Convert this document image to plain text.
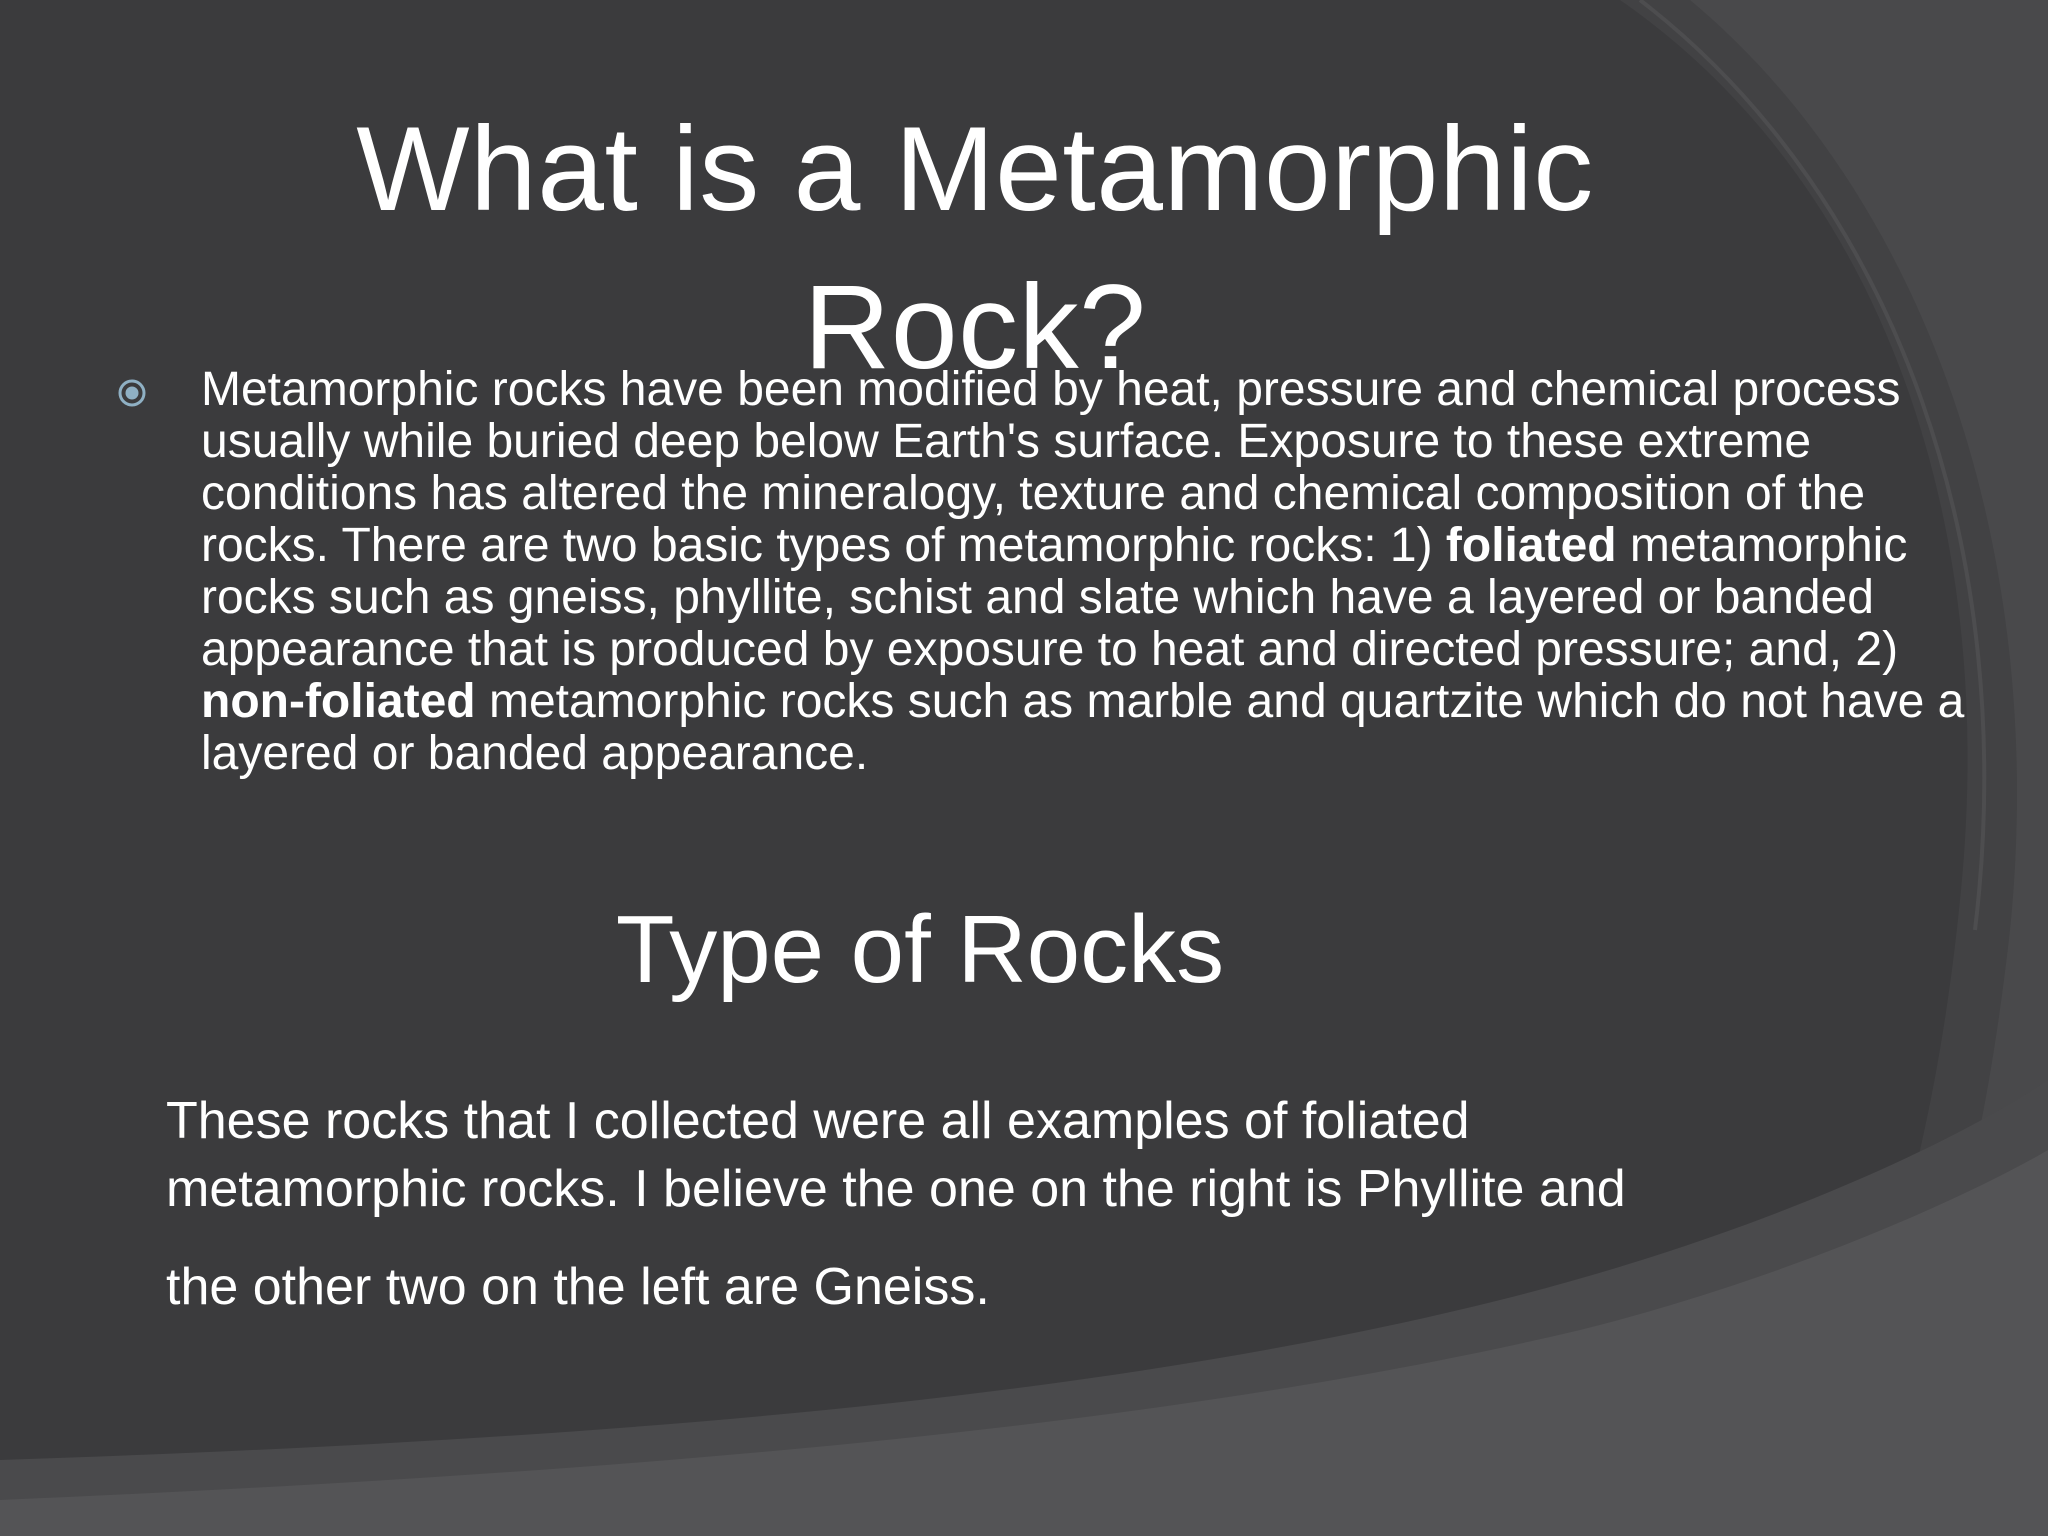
What is a Metamorphic Rock?

Metamorphic rocks have been modified by heat, pressure and chemical process usually while buried deep below Earth's surface. Exposure to these extreme conditions has altered the mineralogy, texture and chemical composition of the rocks. There are two basic types of metamorphic rocks: 1) foliated metamorphic rocks such as gneiss, phyllite, schist and slate which have a layered or banded appearance that is produced by exposure to heat and directed pressure; and, 2) non-foliated metamorphic rocks such as marble and quartzite which do not have a layered or banded appearance.

Type of Rocks

These rocks that I collected were all examples of foliated

metamorphic rocks. I believe the one on the right is Phyllite and

the other two on the left are Gneiss.
